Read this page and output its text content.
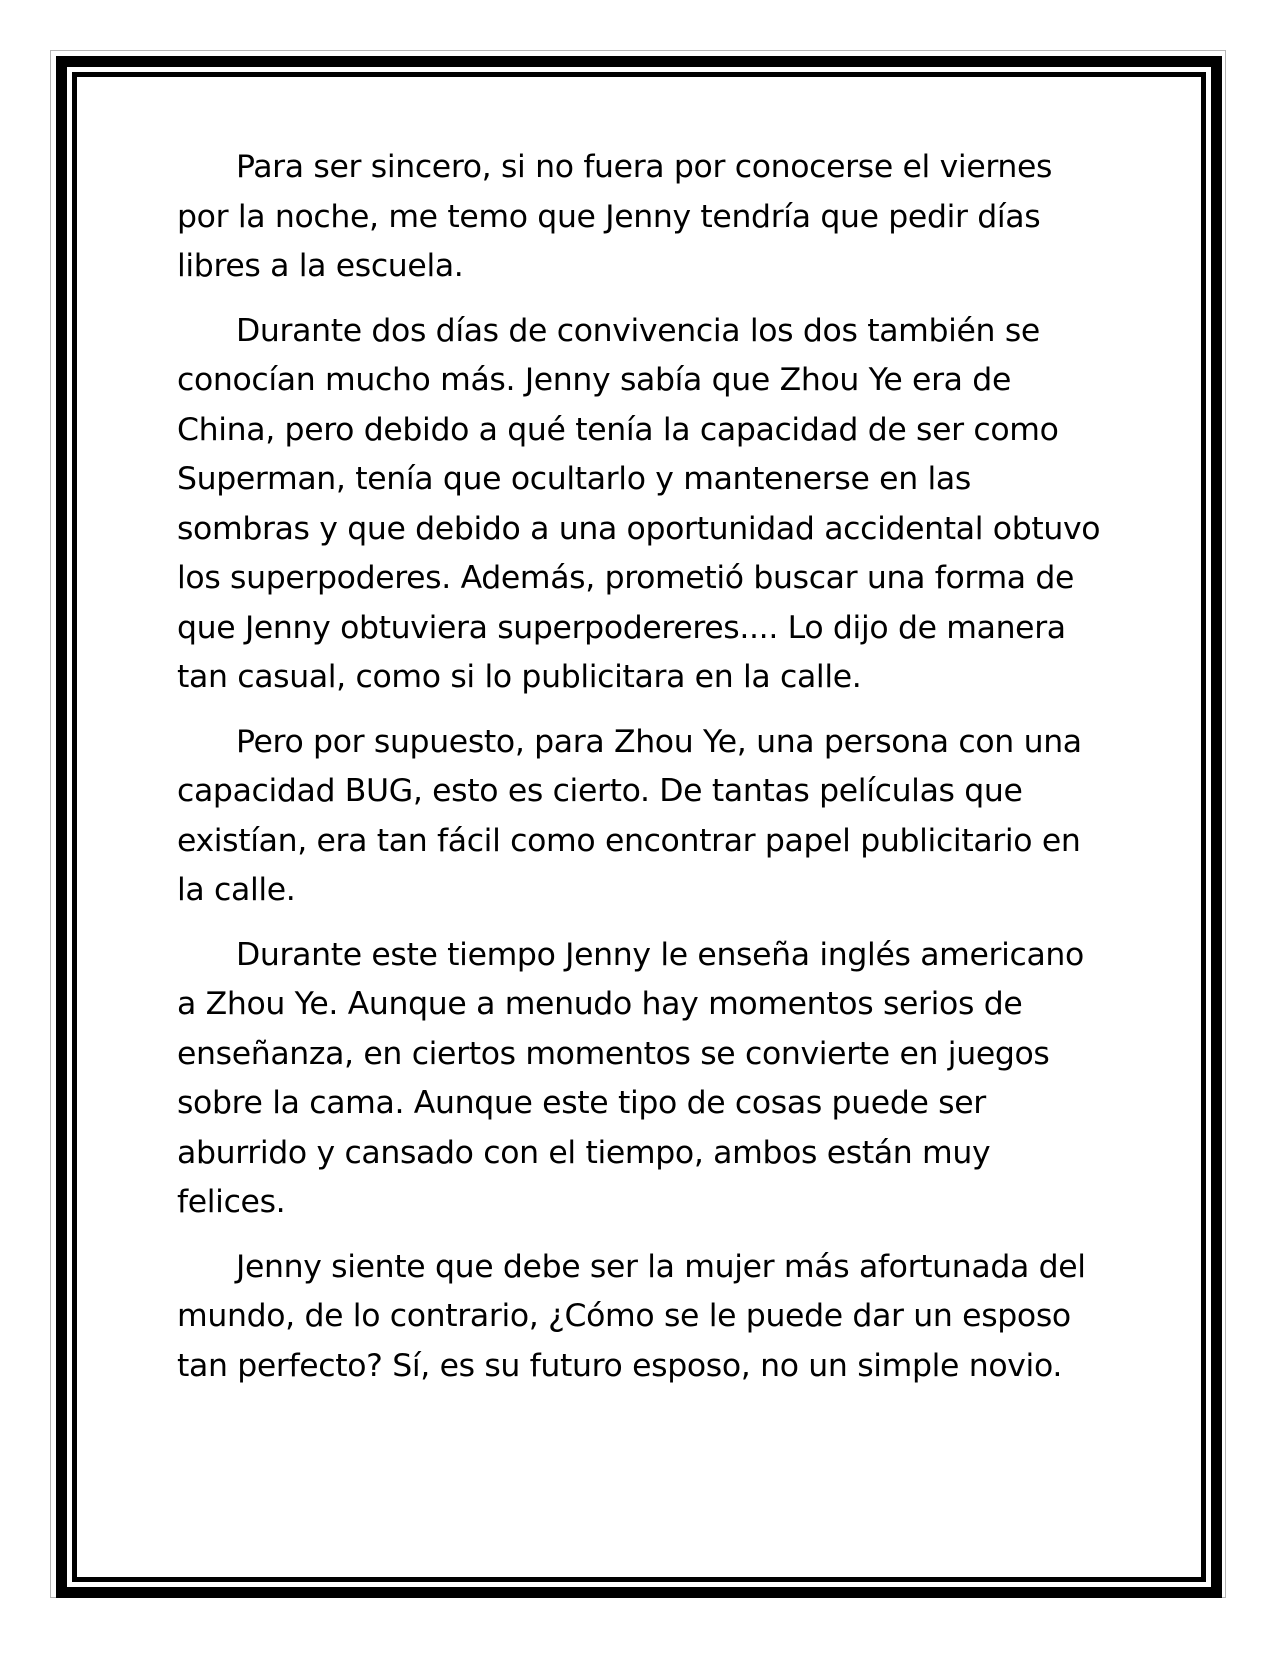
Para ser sincero, si no fuera por conocerse el viernes por la noche, me temo que Jenny tendría que pedir días libres a la escuela.

Durante dos días de convivencia los dos también se conocían mucho más. Jenny sabía que Zhou Ye era de China, pero debido a qué tenía la capacidad de ser como Superman, tenía que ocultarlo y mantenerse en las sombras y que debido a una oportunidad accidental obtuvo los superpoderes. Además, prometió buscar una forma de que Jenny obtuviera superpodereres.... Lo dijo de manera tan casual, como si lo publicitara en la calle.

Pero por supuesto, para Zhou Ye, una persona con una capacidad BUG, esto es cierto. De tantas películas que existían, era tan fácil como encontrar papel publicitario en la calle.

Durante este tiempo Jenny le enseña inglés americano a Zhou Ye. Aunque a menudo hay momentos serios de enseñanza, en ciertos momentos se convierte en juegos sobre la cama. Aunque este tipo de cosas puede ser aburrido y cansado con el tiempo, ambos están muy felices.

Jenny siente que debe ser la mujer más afortunada del mundo, de lo contrario, ¿Cómo se le puede dar un esposo tan perfecto? Sí, es su futuro esposo, no un simple novio.
